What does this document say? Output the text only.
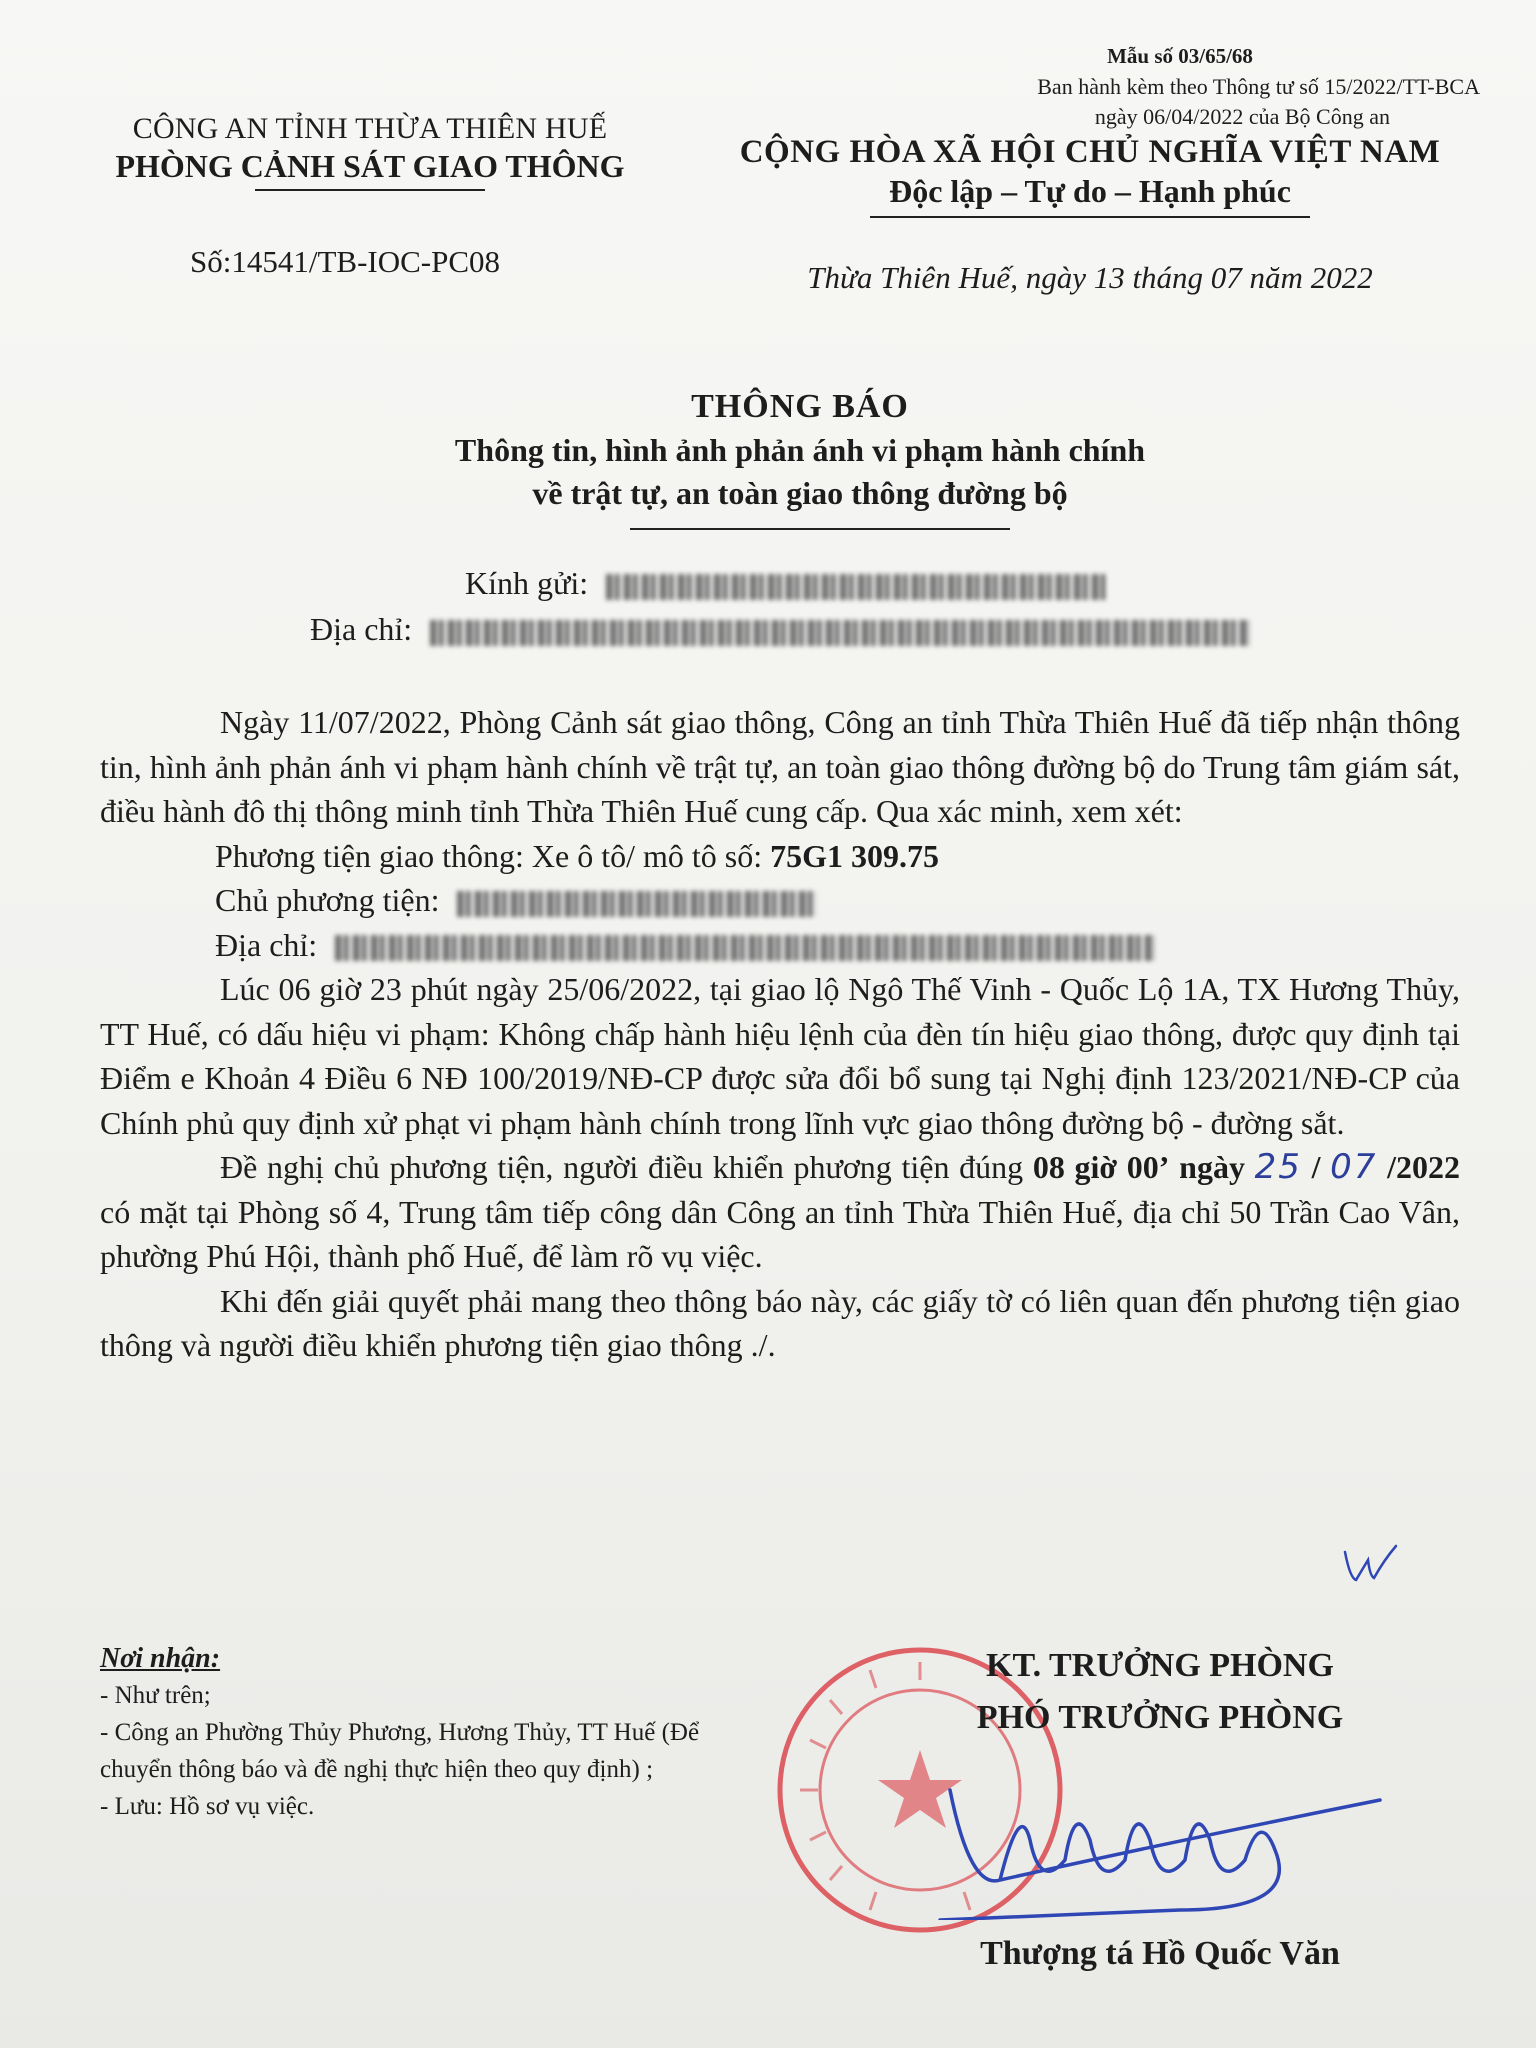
CÔNG AN TỈNH THỪA THIÊN HUẾ
PHÒNG CẢNH SÁT GIAO THÔNG
Số:14541/TB-IOC-PC08
Mẫu số 03/65/68
Ban hành kèm theo Thông tư số 15/2022/TT-BCA
ngày 06/04/2022 của Bộ Công an
CỘNG HÒA XÃ HỘI CHỦ NGHĨA VIỆT NAM
Độc lập – Tự do – Hạnh phúc
Thừa Thiên Huế, ngày 13 tháng 07 năm 2022
THÔNG BÁO
Thông tin, hình ảnh phản ánh vi phạm hành chính
về trật tự, an toàn giao thông đường bộ
Kính gửi:
Địa chỉ:

Ngày 11/07/2022, Phòng Cảnh sát giao thông, Công an tỉnh Thừa Thiên Huế đã tiếp nhận thông tin, hình ảnh phản ánh vi phạm hành chính về trật tự, an toàn giao thông đường bộ do Trung tâm giám sát, điều hành đô thị thông minh tỉnh Thừa Thiên Huế cung cấp. Qua xác minh, xem xét:

Phương tiện giao thông: Xe ô tô/ mô tô số: 75G1 309.75

Chủ phương tiện:

Địa chỉ:

Lúc 06 giờ 23 phút ngày 25/06/2022, tại giao lộ Ngô Thế Vinh - Quốc Lộ 1A, TX Hương Thủy, TT Huế, có dấu hiệu vi phạm: Không chấp hành hiệu lệnh của đèn tín hiệu giao thông, được quy định tại Điểm e Khoản 4 Điều 6 NĐ 100/2019/NĐ-CP được sửa đổi bổ sung tại Nghị định 123/2021/NĐ-CP của Chính phủ quy định xử phạt vi phạm hành chính trong lĩnh vực giao thông đường bộ - đường sắt.

Đề nghị chủ phương tiện, người điều khiển phương tiện đúng 08 giờ 00’ ngày 25 / 07 /2022 có mặt tại Phòng số 4, Trung tâm tiếp công dân Công an tỉnh Thừa Thiên Huế, địa chỉ 50 Trần Cao Vân, phường Phú Hội, thành phố Huế, để làm rõ vụ việc.

Khi đến giải quyết phải mang theo thông báo này, các giấy tờ có liên quan đến phương tiện giao thông và người điều khiển phương tiện giao thông ./.

Nơi nhận:
- Như trên;
- Công an Phường Thủy Phương, Hương Thủy, TT Huế (Để chuyển thông báo và đề nghị thực hiện theo quy định) ;
- Lưu: Hồ sơ vụ việc.
KT. TRƯỞNG PHÒNG
PHÓ TRƯỞNG PHÒNG
Thượng tá Hồ Quốc Văn
